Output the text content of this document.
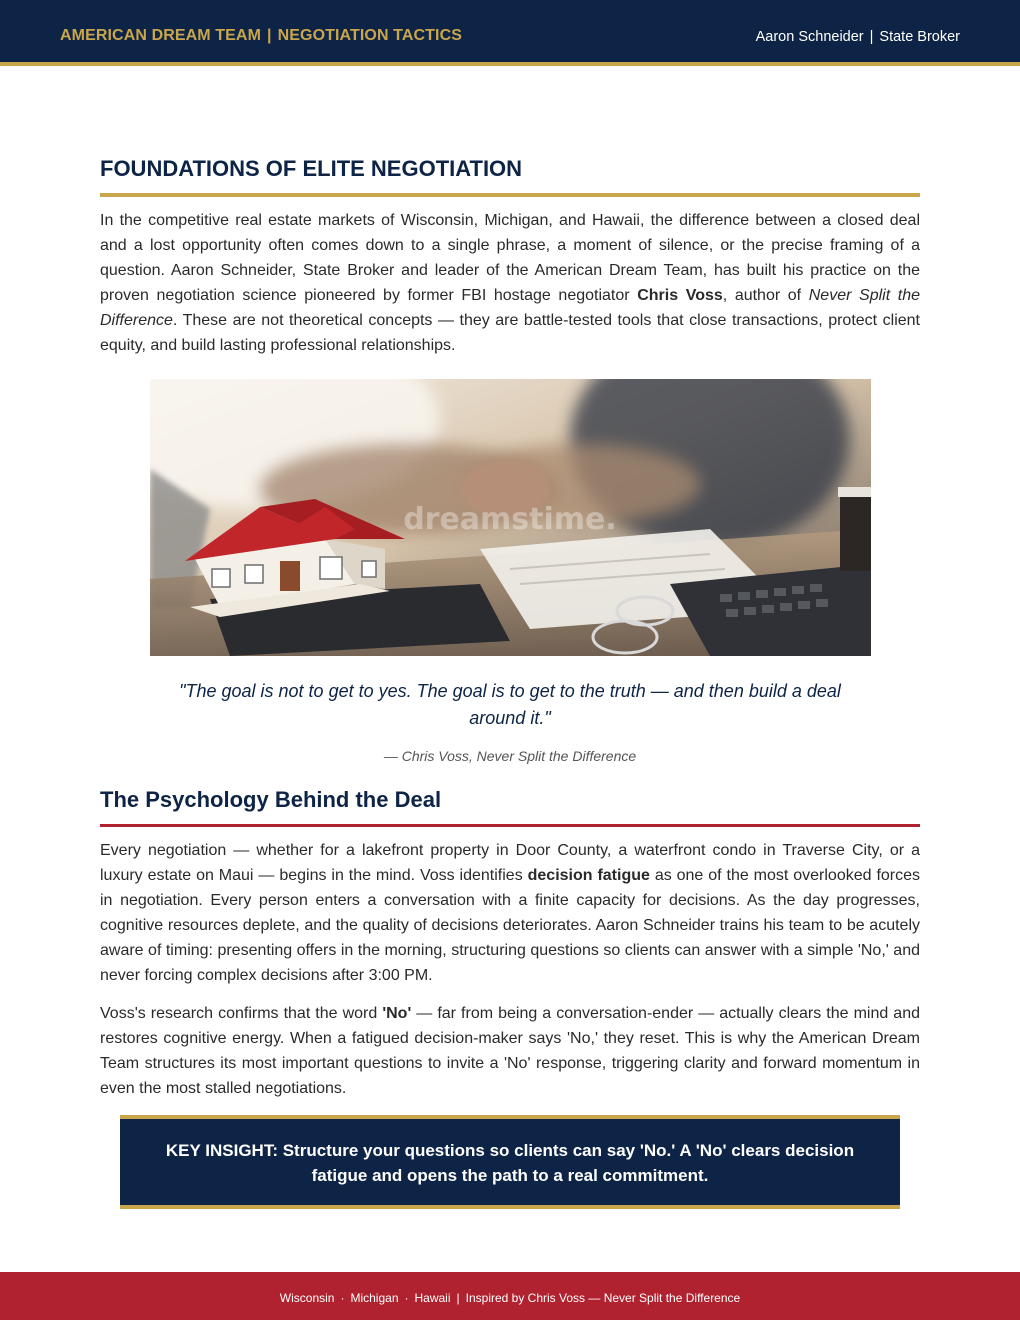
AMERICAN DREAM TEAM | NEGOTIATION TACTICS	Aaron Schneider | State Broker
FOUNDATIONS OF ELITE NEGOTIATION

In the competitive real estate markets of Wisconsin, Michigan, and Hawaii, the difference between a closed deal and a lost opportunity often comes down to a single phrase, a moment of silence, or the precise framing of a question. Aaron Schneider, State Broker and leader of the American Dream Team, has built his practice on the proven negotiation science pioneered by former FBI hostage negotiator Chris Voss, author of Never Split the Difference. These are not theoretical concepts — they are battle-tested tools that close transactions, protect client equity, and build lasting professional relationships.

dreamstime.
"The goal is not to get to yes. The goal is to get to the truth — and then build a deal around it."
— Chris Voss, Never Split the Difference
The Psychology Behind the Deal

Every negotiation — whether for a lakefront property in Door County, a waterfront condo in Traverse City, or a luxury estate on Maui — begins in the mind. Voss identifies decision fatigue as one of the most overlooked forces in negotiation. Every person enters a conversation with a finite capacity for decisions. As the day progresses, cognitive resources deplete, and the quality of decisions deteriorates. Aaron Schneider trains his team to be acutely aware of timing: presenting offers in the morning, structuring questions so clients can answer with a simple 'No,' and never forcing complex decisions after 3:00 PM.

Voss's research confirms that the word 'No' — far from being a conversation-ender — actually clears the mind and restores cognitive energy. When a fatigued decision-maker says 'No,' they reset. This is why the American Dream Team structures its most important questions to invite a 'No' response, triggering clarity and forward momentum in even the most stalled negotiations.

KEY INSIGHT: Structure your questions so clients can say 'No.' A 'No' clears decision fatigue and opens the path to a real commitment.
Wisconsin · Michigan · Hawaii | Inspired by Chris Voss — Never Split the Difference
